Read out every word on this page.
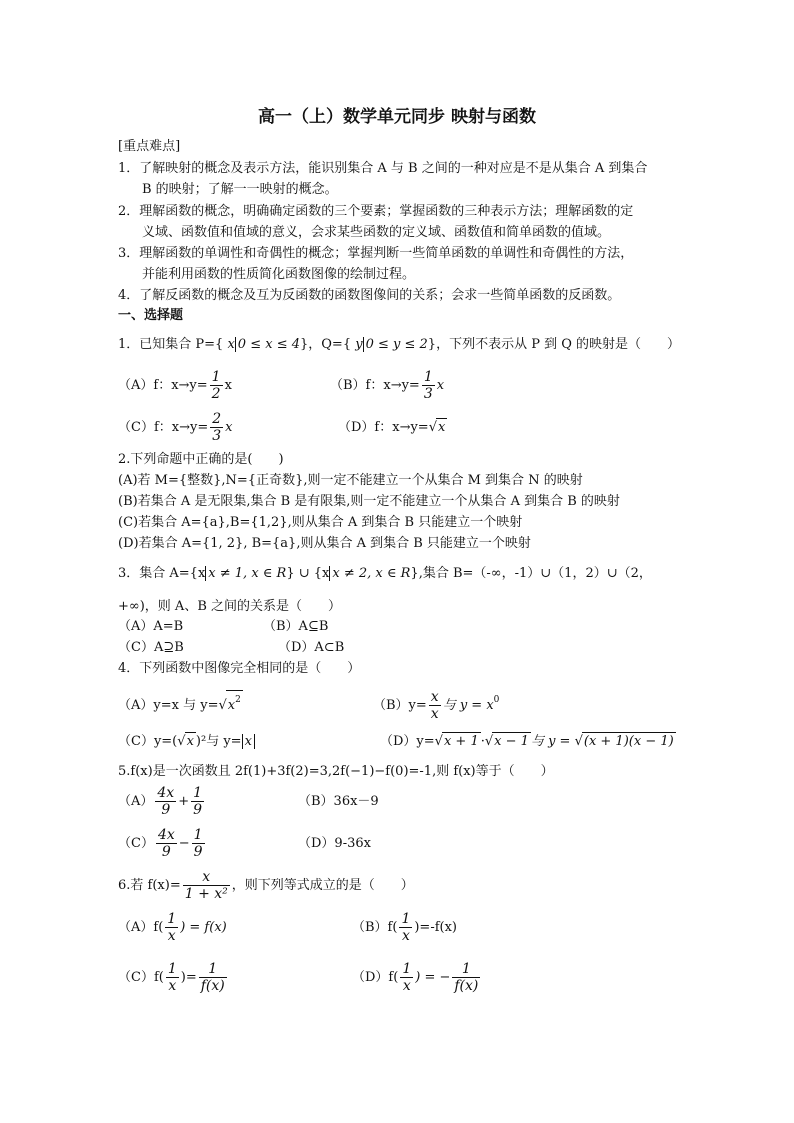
高一（上）数学单元同步 映射与函数
[重点难点]
1．了解映射的概念及表示方法，能识别集合 A 与 B 之间的一种对应是不是从集合 A 到集合
B 的映射；了解一一映射的概念。
2．理解函数的概念，明确确定函数的三个要素；掌握函数的三种表示方法；理解函数的定
义域、函数值和值域的意义，会求某些函数的定义域、函数值和简单函数的值域。
3．理解函数的单调性和奇偶性的概念；掌握判断一些简单函数的单调性和奇偶性的方法，
并能利用函数的性质简化函数图像的绘制过程。
4．了解反函数的概念及互为反函数的函数图像间的关系；会求一些简单函数的反函数。
一、选择题
1．已知集合 P={ x 0 ≤ x ≤ 4}，Q={ y 0 ≤ y ≤ 2}，下列不表示从 P 到 Q 的映射是（　　）
（A）f：$x\to y= \frac{1}{2}$ x	（B）f：$x\to y= \frac{1}{3}$ x
（C）f：$x\to y= \frac{2}{3}$ x	（D）f：x→y=√x
2.下列命题中正确的是(　　)
(A)若 M={整数},N={正奇数},则一定不能建立一个从集合 M 到集合 N 的映射
(B)若集合 A 是无限集,集合 B 是有限集,则一定不能建立一个从集合 A 到集合 B 的映射
(C)若集合 A={a},B={1,2},则从集合 A 到集合 B 只能建立一个映射
(D)若集合 A={1, 2}, B={a},则从集合 A 到集合 B 只能建立一个映射
3．集合 A={x x ≠ 1, x ∈ R} ∪ {x x ≠ 2, x ∈ R},集合 B=（-∞，-1）∪（1，2）∪（2，
+∞)，则 A、B 之间的关系是（　　）
（A）A=B	（B）A⊆B
（C）A⊇B	（D）A⊂B
4．下列函数中图像完全相同的是（　　）
（A）y=x 与 $y=√x^2$	$(B)y= \frac{x}{x}$ 与 $y = x^0$
（C）y=(√x )²与 y= x	（D）y=√x + 1 ·√x − 1 与 y = √(x + 1)(x − 1)
5.f(x)是一次函数且 2f(1)+3f(2)=3,2f(−1)−f(0)=-1,则 f(x)等于（　　）
$(A) \frac{4x}{9} + \frac{1}{9}$	（B）36x－9
$(C) \frac{4x}{9} - \frac{1}{9}$	（D）9-36x
6.若 $f(x)= \frac{x}{\text{1 + x²}}$ ，则下列等式成立的是（　　）
$(A)f( \frac{1}{x}$ ) = f(x)	$(B)f( \frac{1}{x} )=-f(x)$
$(C)f( \frac{1}{x}$ )= $\frac{1}{f(x)}$	$(D)f( \frac{1}{x}$ ) = − $\frac{1}{f(x)}$
